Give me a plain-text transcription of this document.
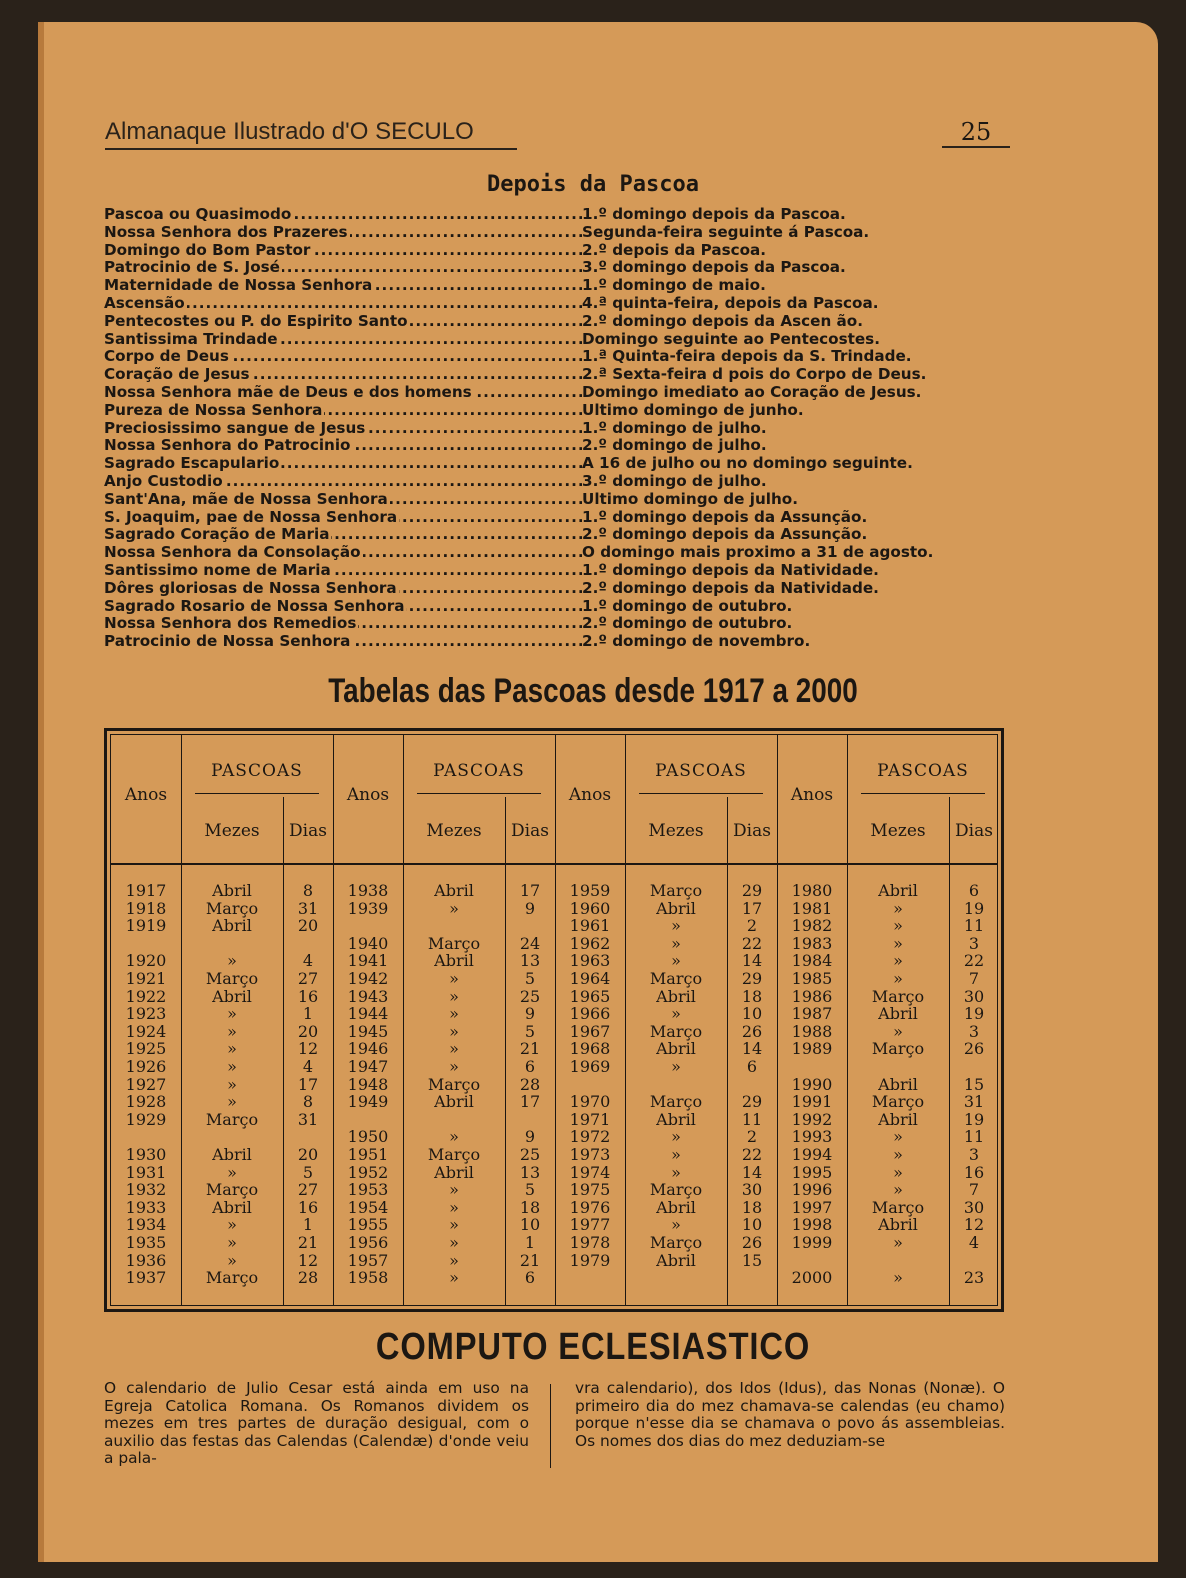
Almanaque Ilustrado d'O SECULO	25
Depois da Pascoa
Pascoa ou Quasimodo .....	1.º domingo depois da Pascoa.
Nossa Senhora dos Prazeres .....	Segunda-feira seguinte á Pascoa.
Domingo do Bom Pastor .....	2.º depois da Pascoa.
Patrocinio de S. José .....	3.º domingo depois da Pascoa.
Maternidade de Nossa Senhora .....	1.º domingo de maio.
Ascensão .....	4.ª quinta-feira, depois da Pascoa.
Pentecostes ou P. do Espirito Santo .....	2.º domingo depois da Ascen ão.
Santissima Trindade .....	Domingo seguinte ao Pentecostes.
Corpo de Deus .....	1.ª Quinta-feira depois da S. Trindade.
Coração de Jesus .....	2.ª Sexta-feira d pois do Corpo de Deus.
Nossa Senhora mãe de Deus e dos homens .....	Domingo imediato ao Coração de Jesus.
Pureza de Nossa Senhora .....	Ultimo domingo de junho.
Preciosissimo sangue de Jesus .....	1.º domingo de julho.
Nossa Senhora do Patrocinio .....	2.º domingo de julho.
Sagrado Escapulario .....	A 16 de julho ou no domingo seguinte.
Anjo Custodio .....	3.º domingo de julho.
Sant'Ana, mãe de Nossa Senhora .....	Ultimo domingo de julho.
S. Joaquim, pae de Nossa Senhora .....	1.º domingo depois da Assunção.
Sagrado Coração de Maria .....	2.º domingo depois da Assunção.
Nossa Senhora da Consolação .....	O domingo mais proximo a 31 de agosto.
Santissimo nome de Maria .....	1.º domingo depois da Natividade.
Dôres gloriosas de Nossa Senhora .....	2.º domingo depois da Natividade.
Sagrado Rosario de Nossa Senhora .....	1.º domingo de outubro.
Nossa Senhora dos Remedios .....	2.º domingo de outubro.
Patrocinio de Nossa Senhora .....	2.º domingo de novembro.
Tabelas das Pascoas desde 1917 a 2000
Anos
PASCOAS
Mezes	Dias
1917	Abril	8
1918	Março	31
1919	Abril	20
1920	»	4
1921	Março	27
1922	Abril	16
1923	»	1
1924	»	20
1925	»	12
1926	»	4
1927	»	17
1928	»	8
1929	Março	31
1930	Abril	20
1931	»	5
1932	Março	27
1933	Abril	16
1934	»	1
1935	»	21
1936	»	12
1937	Março	28
Anos
PASCOAS
Mezes	Dias
1938	Abril	17
1939	»	9
1940	Março	24
1941	Abril	13
1942	»	5
1943	»	25
1944	»	9
1945	»	5
1946	»	21
1947	»	6
1948	Março	28
1949	Abril	17
1950	»	9
1951	Março	25
1952	Abril	13
1953	»	5
1954	»	18
1955	»	10
1956	»	1
1957	»	21
1958	»	6
Anos
PASCOAS
Mezes	Dias
1959	Março	29
1960	Abril	17
1961	»	2
1962	»	22
1963	»	14
1964	Março	29
1965	Abril	18
1966	»	10
1967	Março	26
1968	Abril	14
1969	»	6
1970	Março	29
1971	Abril	11
1972	»	2
1973	»	22
1974	»	14
1975	Março	30
1976	Abril	18
1977	»	10
1978	Março	26
1979	Abril	15
Anos
PASCOAS
Mezes	Dias
1980	Abril	6
1981	»	19
1982	»	11
1983	»	3
1984	»	22
1985	»	7
1986	Março	30
1987	Abril	19
1988	»	3
1989	Março	26
1990	Abril	15
1991	Março	31
1992	Abril	19
1993	»	11
1994	»	3
1995	»	16
1996	»	7
1997	Março	30
1998	Abril	12
1999	»	4
2000	»	23
COMPUTO ECLESIASTICO
O calendario de Julio Cesar está ainda em uso na Egreja Catolica Romana. Os Romanos dividem os mezes em tres partes de duração desigual, com o auxilio das festas das Calendas (Calendæ) d'onde veiu a pala-
vra calendario), dos Idos (Idus), das Nonas (Nonæ). O primeiro dia do mez chamava-se calendas (eu chamo) porque n'esse dia se chamava o povo ás assembleias. Os nomes dos dias do mez deduziam-se
